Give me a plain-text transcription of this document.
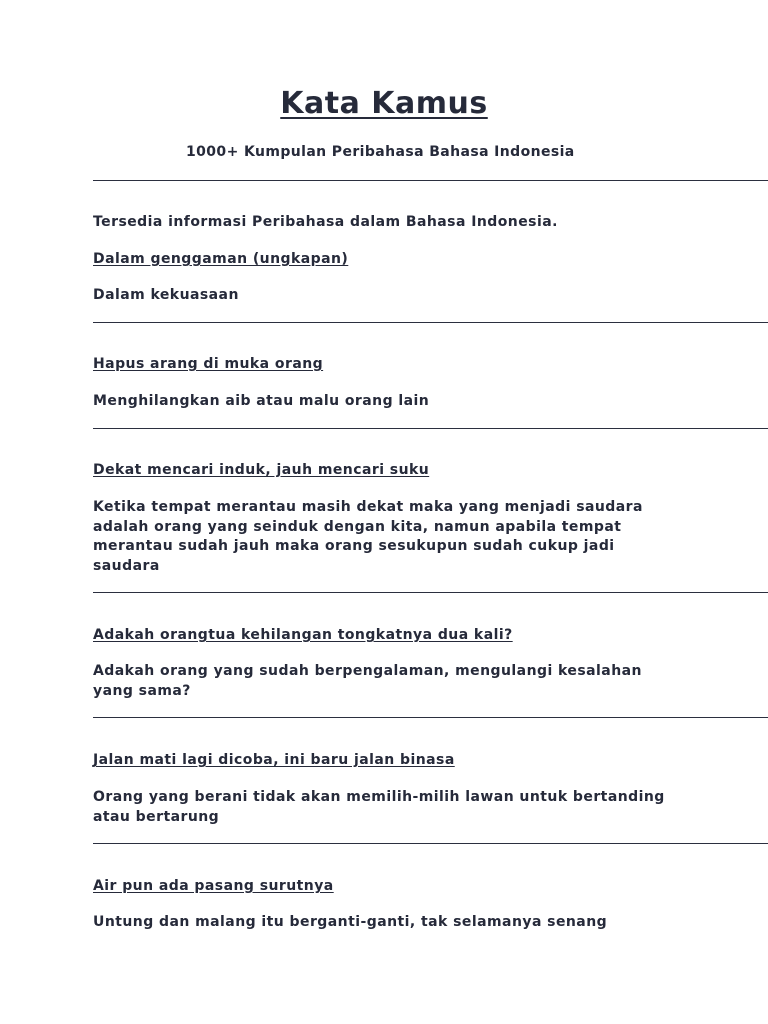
Kata Kamus

1000+ Kumpulan Peribahasa Bahasa Indonesia

Tersedia informasi Peribahasa dalam Bahasa Indonesia.

Dalam genggaman (ungkapan)

Dalam kekuasaan

Hapus arang di muka orang

Menghilangkan aib atau malu orang lain

Dekat mencari induk, jauh mencari suku

Ketika tempat merantau masih dekat maka yang menjadi saudara adalah orang yang seinduk dengan kita, namun apabila tempat merantau sudah jauh maka orang sesukupun sudah cukup jadi saudara

Adakah orangtua kehilangan tongkatnya dua kali?

Adakah orang yang sudah berpengalaman, mengulangi kesalahan yang sama?

Jalan mati lagi dicoba, ini baru jalan binasa

Orang yang berani tidak akan memilih-milih lawan untuk bertanding atau bertarung

Air pun ada pasang surutnya

Untung dan malang itu berganti-ganti, tak selamanya senang
